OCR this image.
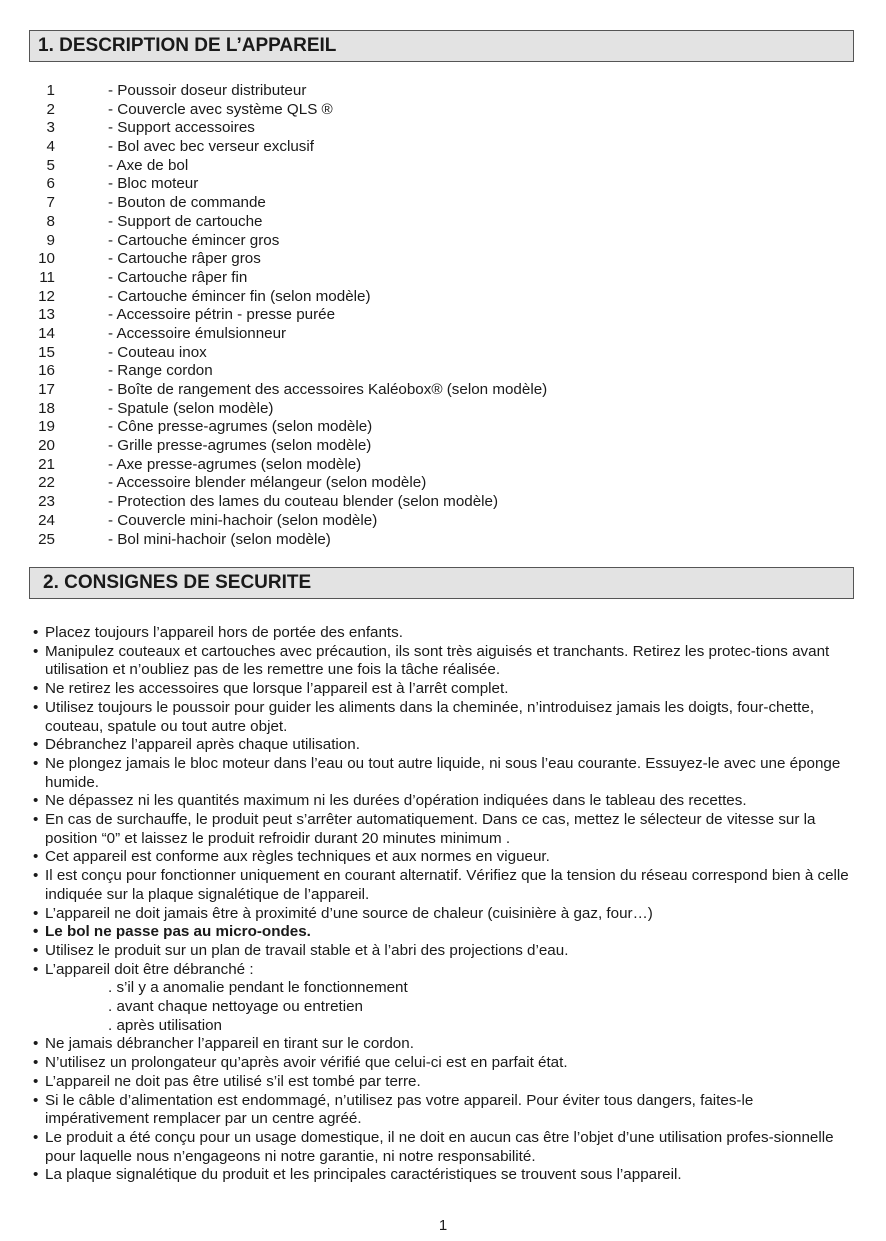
1. DESCRIPTION DE L’APPAREIL
1	- Poussoir doseur distributeur
2	- Couvercle avec système QLS ®
3	- Support accessoires
4	- Bol avec bec verseur exclusif
5	- Axe de bol
6	- Bloc moteur
7	- Bouton de commande
8	- Support de cartouche
9	- Cartouche émincer gros
10	- Cartouche râper gros
11	- Cartouche râper fin
12	- Cartouche émincer fin (selon modèle)
13	- Accessoire pétrin - presse purée
14	- Accessoire émulsionneur
15	- Couteau inox
16	- Range cordon
17	- Boîte de rangement des accessoires Kaléobox® (selon modèle)
18	- Spatule (selon modèle)
19	- Cône presse-agrumes (selon modèle)
20	- Grille presse-agrumes (selon modèle)
21	- Axe presse-agrumes (selon modèle)
22	- Accessoire blender mélangeur (selon modèle)
23	- Protection des lames du couteau blender (selon modèle)
24	- Couvercle mini-hachoir (selon modèle)
25	- Bol mini-hachoir (selon modèle)
2. CONSIGNES DE SECURITE
• Placez toujours l’appareil hors de portée des enfants.
• Manipulez couteaux et cartouches avec précaution, ils sont très aiguisés et tranchants. Retirez les protec-tions avant utilisation et n’oubliez pas de les remettre une fois la tâche réalisée.
• Ne retirez les accessoires que lorsque l’appareil est à l’arrêt complet.
• Utilisez toujours le poussoir pour guider les aliments dans la cheminée, n’introduisez jamais les doigts, four-chette, couteau, spatule ou tout autre objet.
• Débranchez l’appareil après chaque utilisation.
• Ne plongez jamais le bloc moteur dans l’eau ou tout autre liquide, ni sous l’eau courante. Essuyez-le avec une éponge humide.
• Ne dépassez ni les quantités maximum ni les durées d’opération indiquées dans le tableau des recettes.
• En cas de surchauffe, le produit peut s’arrêter automatiquement. Dans ce cas, mettez le sélecteur de vitesse sur la position “0” et laissez le produit refroidir durant 20 minutes minimum .
• Cet appareil est conforme aux règles techniques et aux normes en vigueur.
• Il est conçu pour fonctionner uniquement en courant alternatif. Vérifiez que la tension du réseau correspond bien à celle indiquée sur la plaque signalétique de l’appareil.
• L’appareil ne doit jamais être à proximité d’une source de chaleur (cuisinière à gaz, four…)
• Le bol ne passe pas au micro-ondes.
• Utilisez le produit sur un plan de travail stable et à l’abri des projections d’eau.
• L’appareil doit être débranché :
. s’il y a anomalie pendant le fonctionnement
. avant chaque nettoyage ou entretien
. après utilisation
• Ne jamais débrancher l’appareil en tirant sur le cordon.
• N’utilisez un prolongateur qu’après avoir vérifié que celui-ci est en parfait état.
• L’appareil ne doit pas être utilisé s’il est tombé par terre.
• Si le câble d’alimentation est endommagé, n’utilisez pas votre appareil. Pour éviter tous dangers, faites-le impérativement remplacer par un centre agréé.
• Le produit a été conçu pour un usage domestique, il ne doit en aucun cas être l’objet d’une utilisation profes-sionnelle pour laquelle nous n’engageons ni notre garantie, ni notre responsabilité.
• La plaque signalétique du produit et les principales caractéristiques se trouvent sous l’appareil.
1
